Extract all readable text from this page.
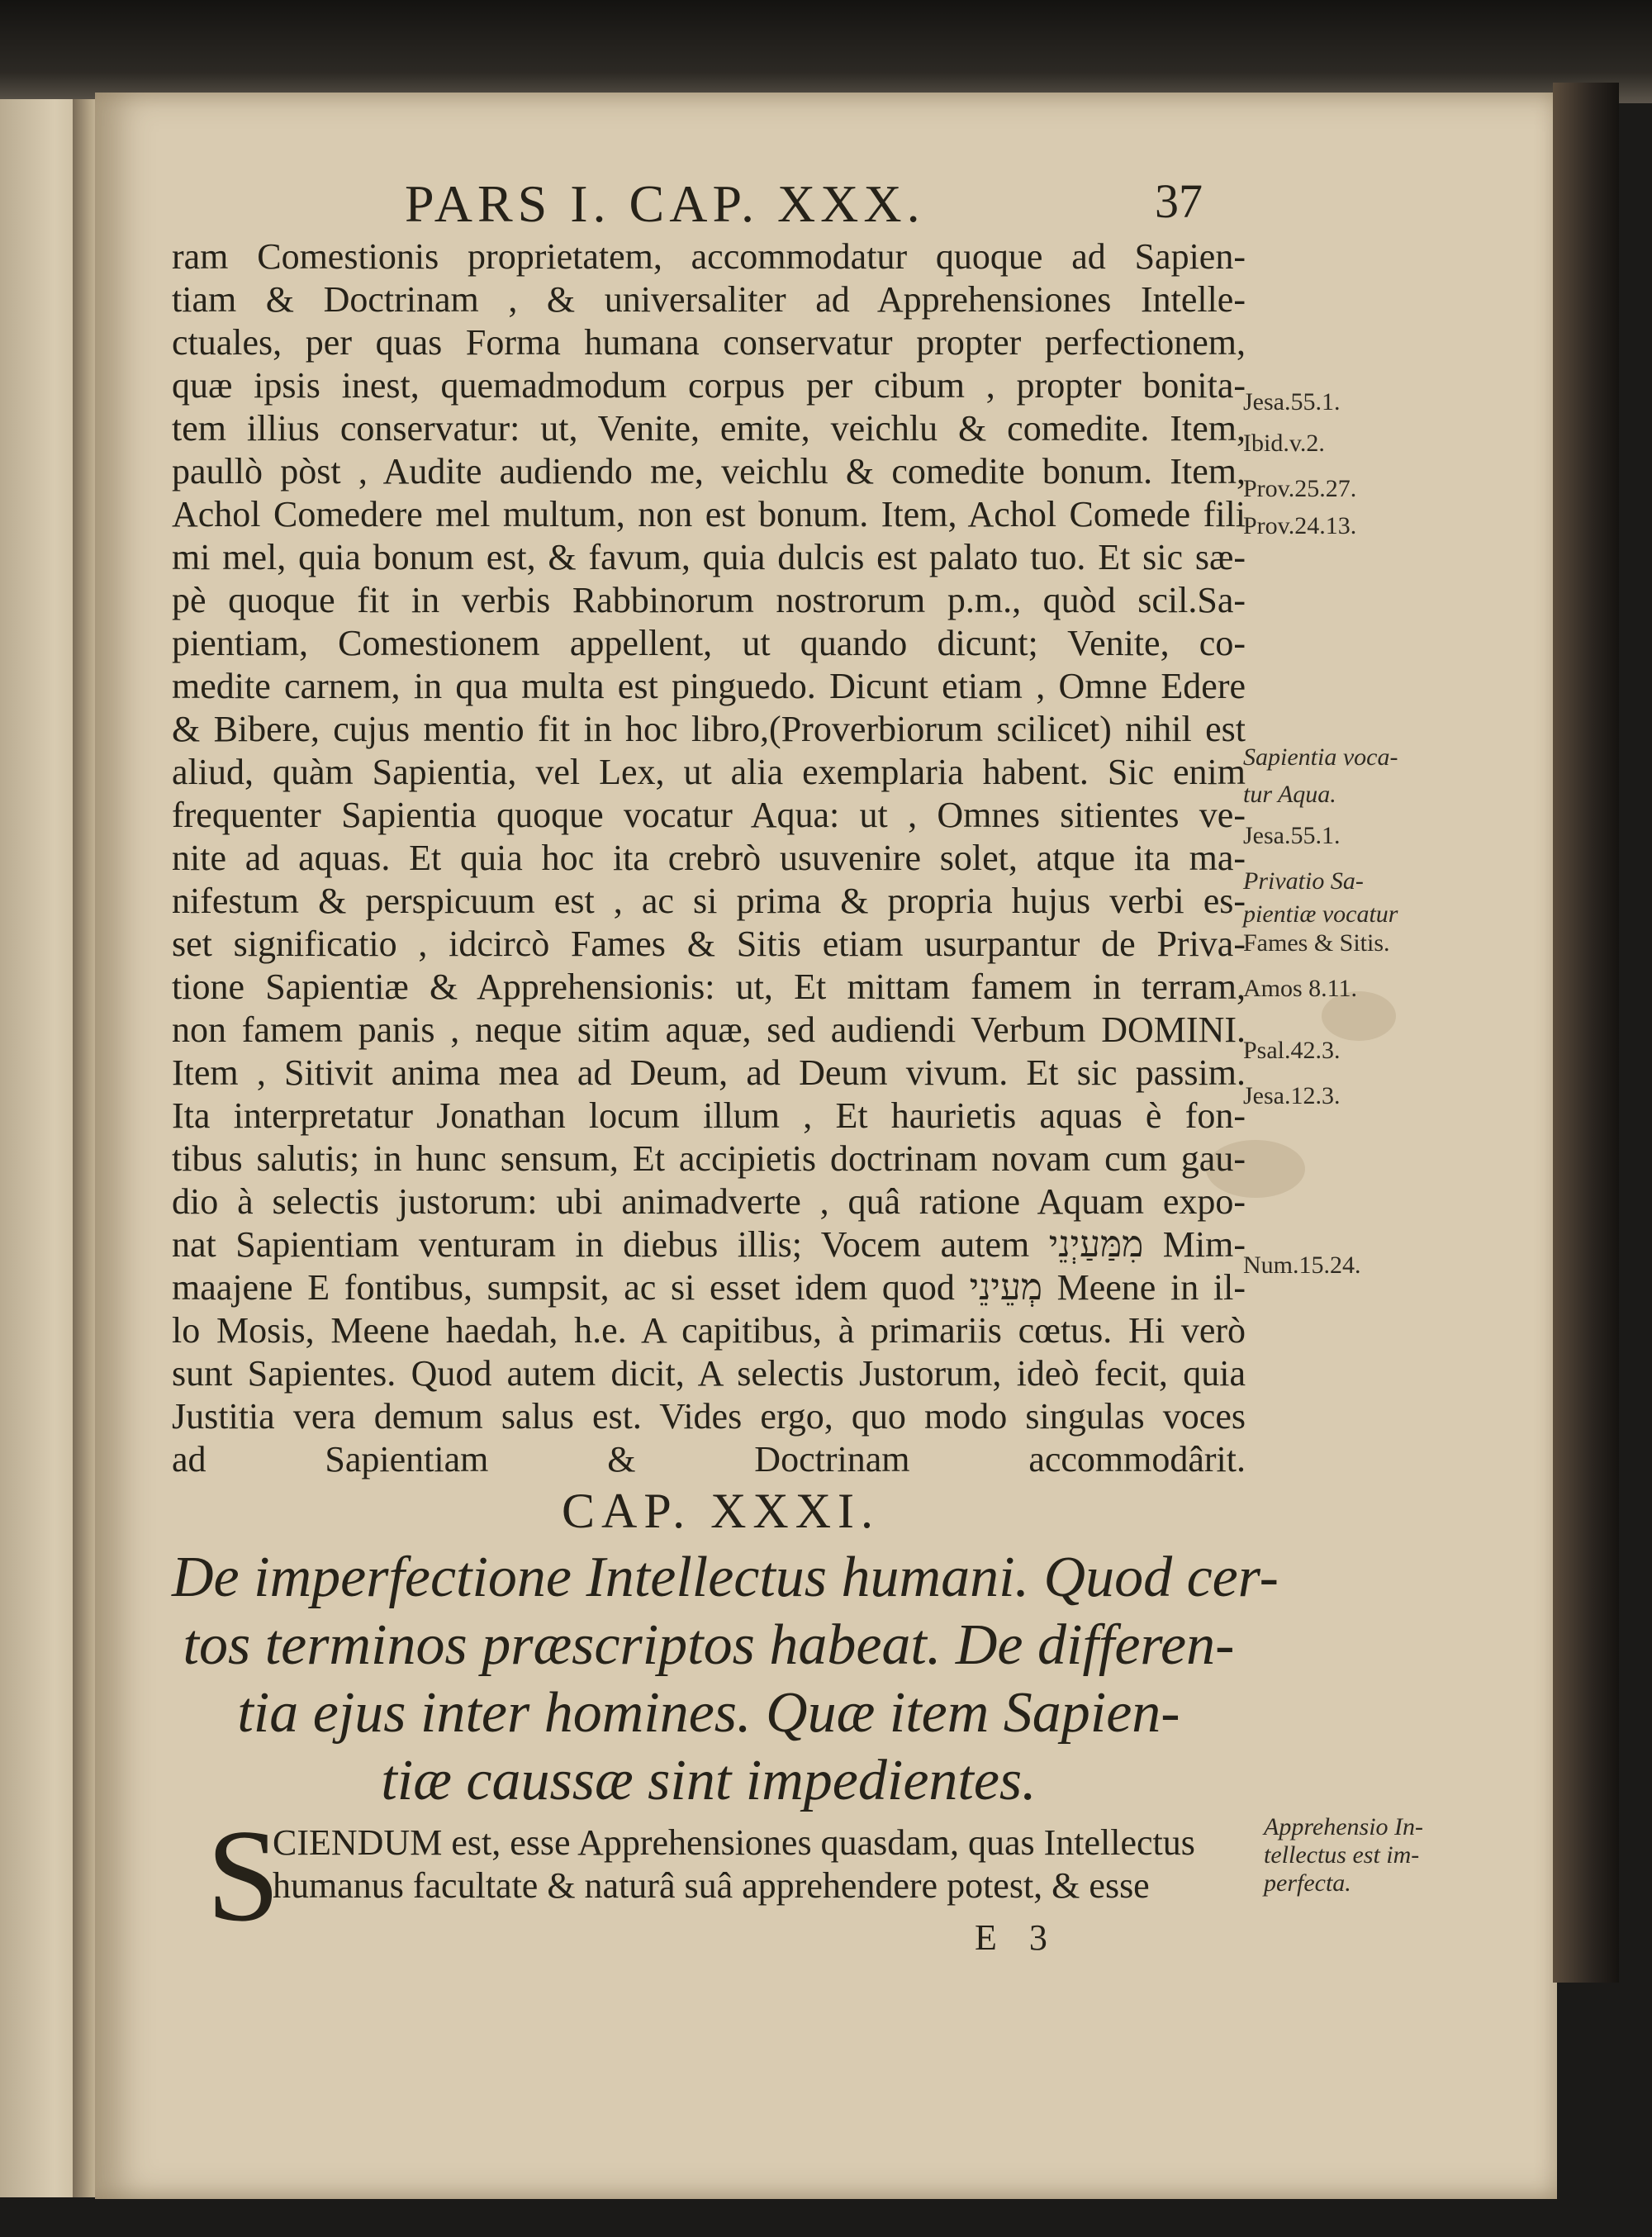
PARS I. CAP. XXX.	37
ram Comestionis proprietatem, accommodatur quoque ad Sapien-
tiam & Doctrinam , & universaliter ad Apprehensiones Intelle-
ctuales, per quas Forma humana conservatur propter perfectionem,
quæ ipsis inest, quemadmodum corpus per cibum , propter bonita-
tem illius conservatur: ut, Venite, emite, veichlu & comedite. Item,
paullò pòst , Audite audiendo me, veichlu & comedite bonum. Item,
Achol Comedere mel multum, non est bonum. Item, Achol Comede fili
mi mel, quia bonum est, & favum, quia dulcis est palato tuo. Et sic sæ-
pè quoque fit in verbis Rabbinorum nostrorum p.m., quòd scil.Sa-
pientiam, Comestionem appellent, ut quando dicunt; Venite, co-
medite carnem, in qua multa est pinguedo. Dicunt etiam , Omne Edere
& Bibere, cujus mentio fit in hoc libro,(Proverbiorum scilicet) nihil est
aliud, quàm Sapientia, vel Lex, ut alia exemplaria habent. Sic enim
frequenter Sapientia quoque vocatur Aqua: ut , Omnes sitientes ve-
nite ad aquas. Et quia hoc ita crebrò usuvenire solet, atque ita ma-
nifestum & perspicuum est , ac si prima & propria hujus verbi es-
set significatio , idcircò Fames & Sitis etiam usurpantur de Priva-
tione Sapientiæ & Apprehensionis: ut, Et mittam famem in terram,
non famem panis , neque sitim aquæ, sed audiendi Verbum DOMINI.
Item , Sitivit anima mea ad Deum, ad Deum vivum. Et sic passim.
Ita interpretatur Jonathan locum illum , Et haurietis aquas è fon-
tibus salutis; in hunc sensum, Et accipietis doctrinam novam cum gau-
dio à selectis justorum: ubi animadverte , quâ ratione Aquam expo-
nat Sapientiam venturam in diebus illis; Vocem autem מִמַּעַיְנֵי Mim-
maajene E fontibus, sumpsit, ac si esset idem quod מְעֵינֵי Meene in il-
lo Mosis, Meene haedah, h.e. A capitibus, à primariis cœtus. Hi verò
sunt Sapientes. Quod autem dicit, A selectis Justorum, ideò fecit, quia
Justitia vera demum salus est. Vides ergo, quo modo singulas voces
ad Sapientiam & Doctrinam accommodârit.
Jesa.55.1.
Ibid.v.2.
Prov.25.27.
Prov.24.13.
Sapientia voca-
tur Aqua.
Jesa.55.1.
Privatio Sa-
pientiæ vocatur
Fames & Sitis.
Amos 8.11.
Psal.42.3.
Jesa.12.3.
Num.15.24.
CAP. XXXI.
De imperfectione Intellectus humani. Quod cer-
tos terminos præscriptos habeat. De differen-
tia ejus inter homines. Quæ item Sapien-
tiæ caussæ sint impedientes.
S
CIENDUM est, esse Apprehensiones quasdam, quas Intellectus
humanus facultate & naturâ suâ apprehendere potest, & esse
Apprehensio In-
tellectus est im-
perfecta.
E 3
